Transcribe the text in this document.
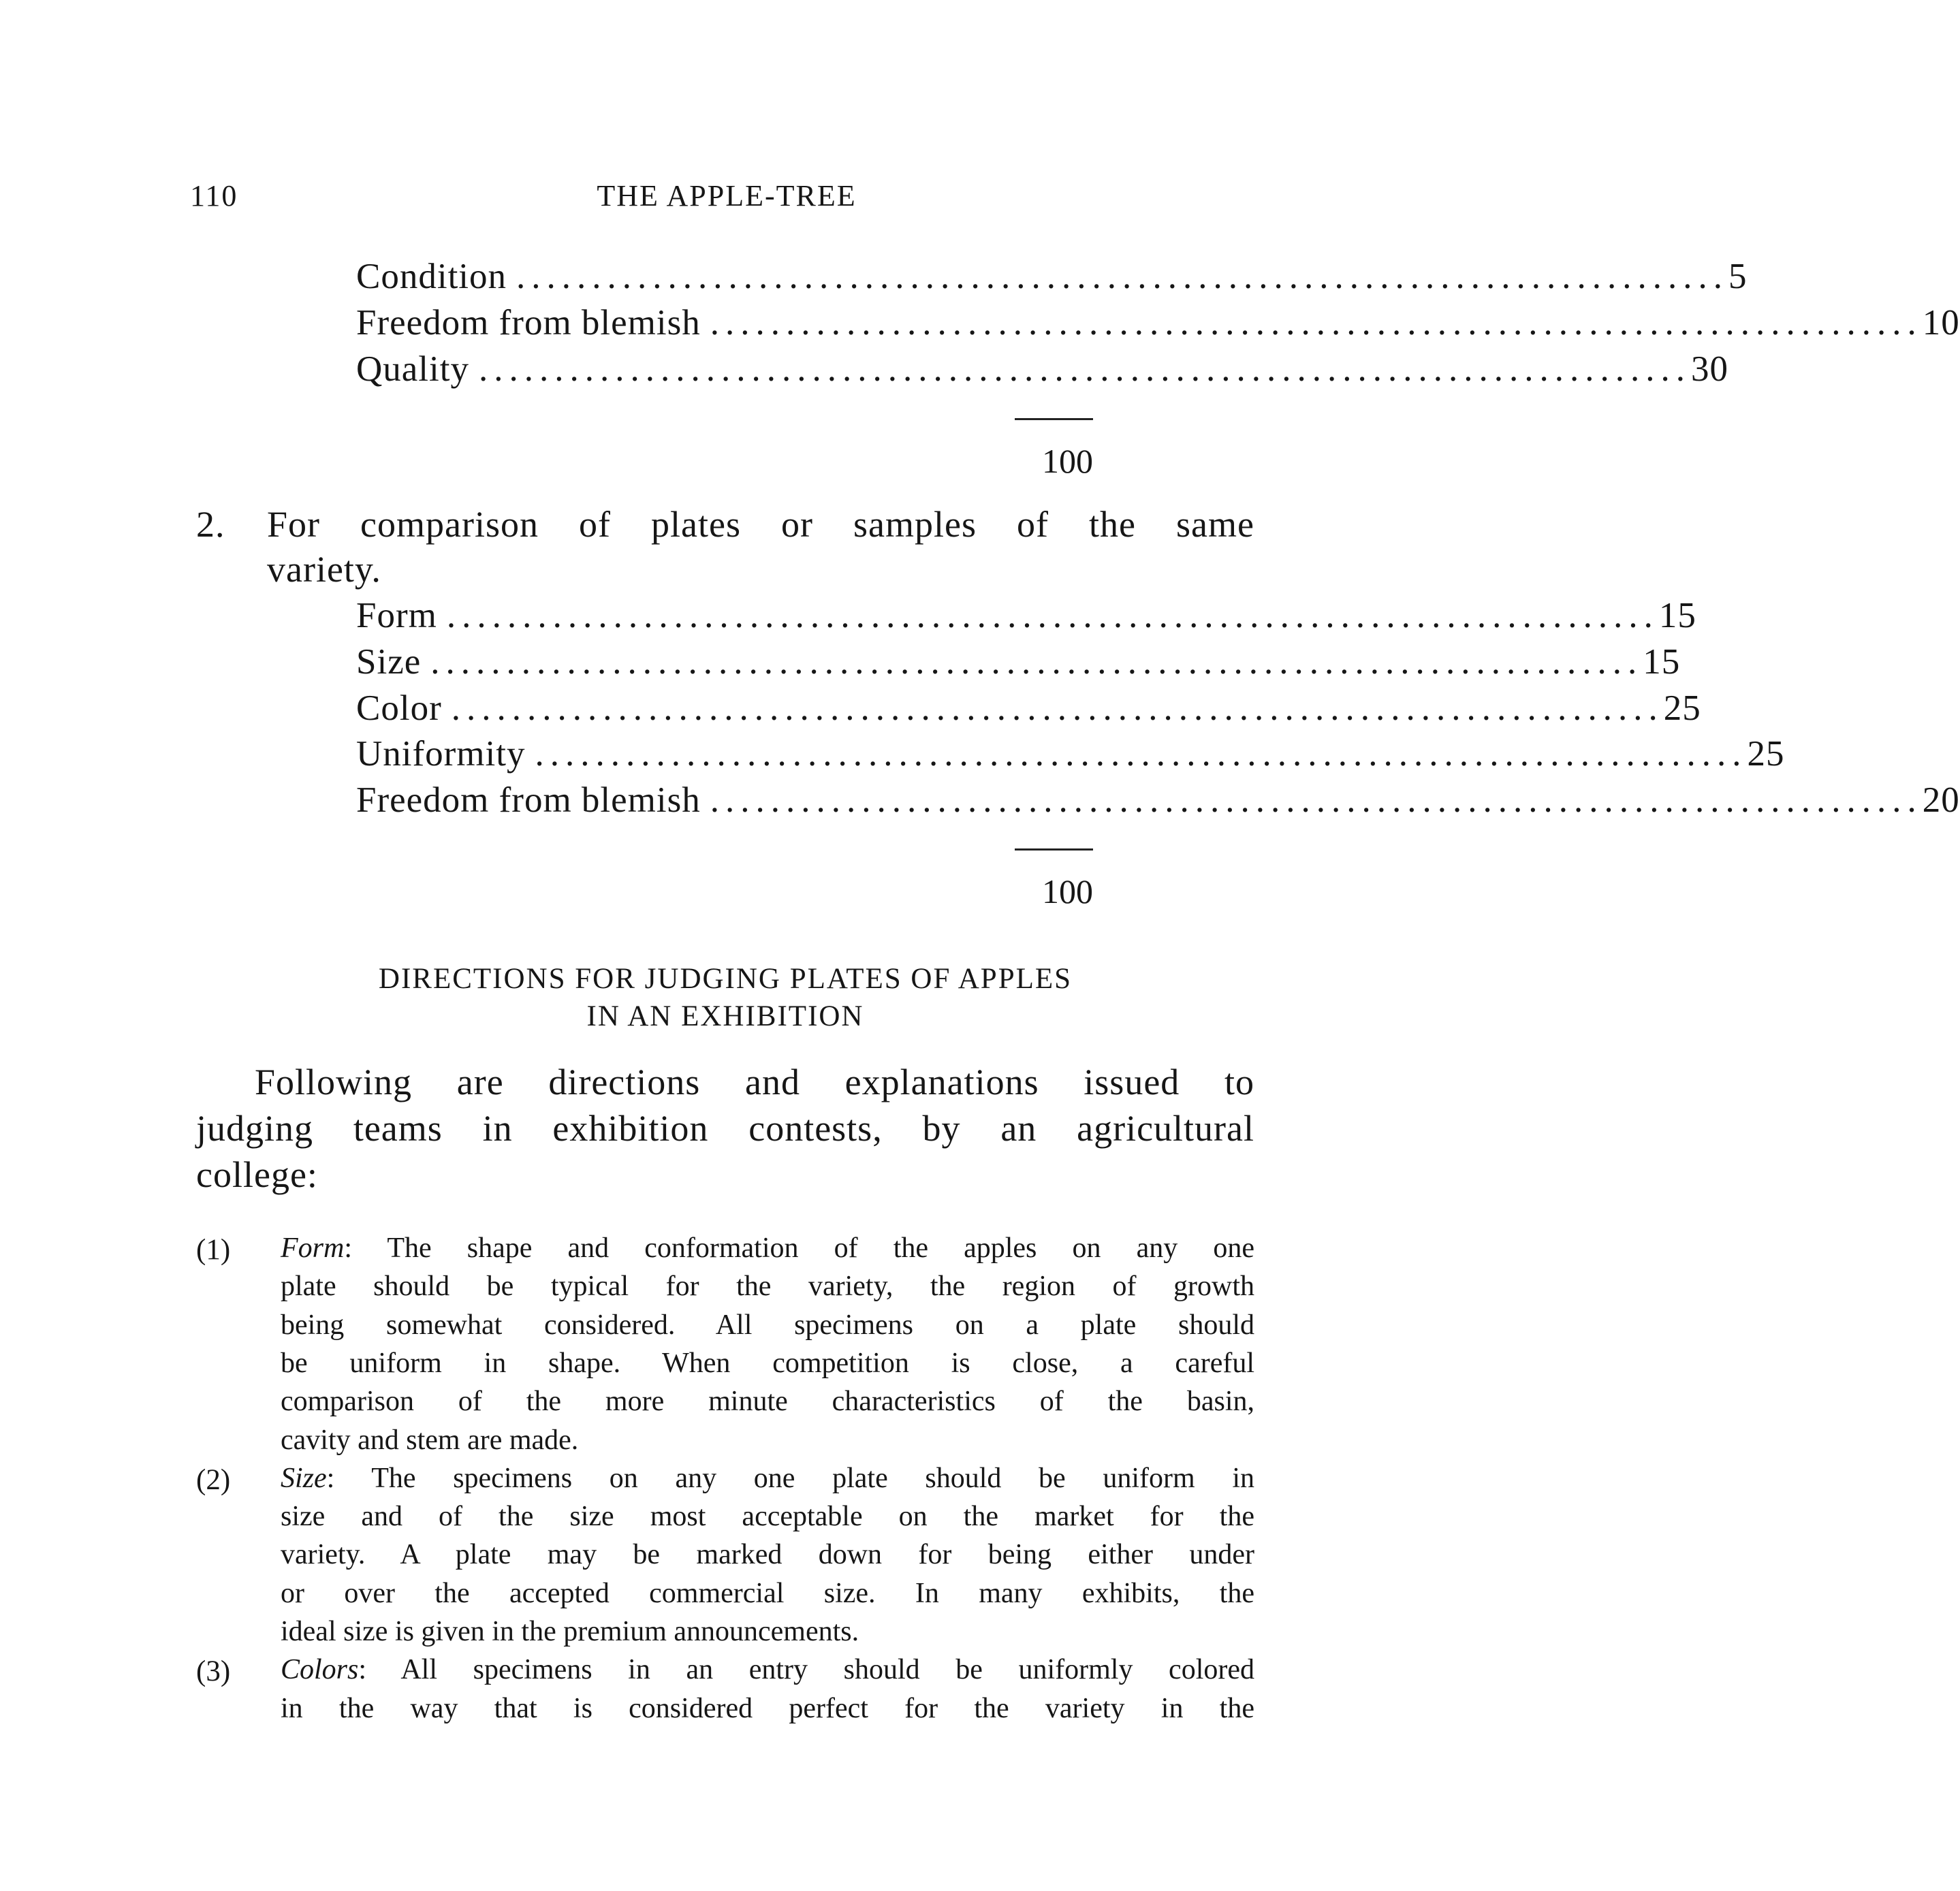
110	THE APPLE-TREE
Condition ................................................................................ 5
Freedom from blemish ................................................................................ 10
Quality ................................................................................ 30
100
2. For comparison of plates or samples of the same
variety.
Form ................................................................................ 15
Size ................................................................................ 15
Color ................................................................................ 25
Uniformity ................................................................................ 25
Freedom from blemish ................................................................................ 20
100
DIRECTIONS FOR JUDGING PLATES OF APPLES
IN AN EXHIBITION
Following are directions and explanations issued to
judging teams in exhibition contests, by an agricultural
college:
(1) Form: The shape and conformation of the apples on any one
plate should be typical for the variety, the region of growth
being somewhat considered. All specimens on a plate should
be uniform in shape. When competition is close, a careful
comparison of the more minute characteristics of the basin,
cavity and stem are made.
(2) Size: The specimens on any one plate should be uniform in
size and of the size most acceptable on the market for the
variety. A plate may be marked down for being either under
or over the accepted commercial size. In many exhibits, the
ideal size is given in the premium announcements.
(3) Colors: All specimens in an entry should be uniformly colored
in the way that is considered perfect for the variety in the
